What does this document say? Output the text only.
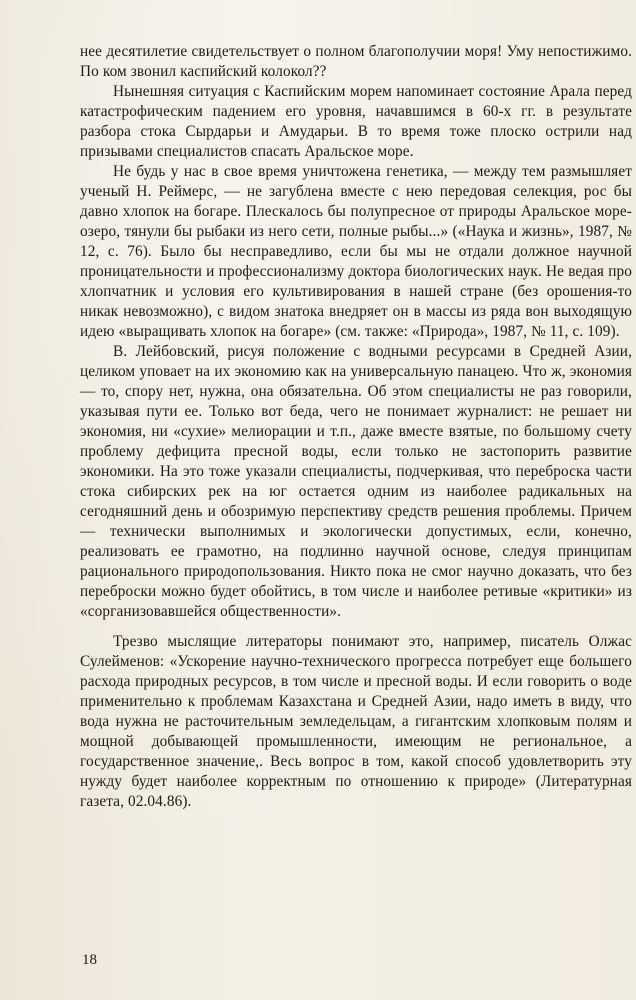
нее десятилетие свидетельствует о полном благополучии моря! Уму непостижимо. По ком звонил каспийский колокол??

Нынешняя ситуация с Каспийским морем напоминает состояние Арала перед катастрофическим падением его уровня, начавшимся в 60-х гг. в результате разбора стока Сырдарьи и Амударьи. В то время тоже плоско острили над призывами специалистов спасать Аральское море.

Не будь у нас в свое время уничтожена генетика, — между тем размышляет ученый Н. Реймерс, — не загублена вместе с нею передовая селекция, рос бы давно хлопок на богаре. Плескалось бы полупресное от природы Аральское море-озеро, тянули бы рыбаки из него сети, полные рыбы...» («Наука и жизнь», 1987, № 12, с. 76). Было бы несправедливо, если бы мы не отдали должное научной проницательности и профессионализму доктора биологических наук. Не ведая про хлопчатник и условия его культивирования в нашей стране (без орошения-то никак невозможно), с видом знатока внедряет он в массы из ряда вон выходящую идею «выращивать хлопок на богаре» (см. также: «Природа», 1987, № 11, с. 109).

В. Лейбовский, рисуя положение с водными ресурсами в Средней Азии, целиком уповает на их экономию как на универсальную панацею. Что ж, экономия — то, спору нет, нужна, она обязательна. Об этом специалисты не раз говорили, указывая пути ее. Только вот беда, чего не понимает журналист: не решает ни экономия, ни «сухие» мелиорации и т.п., даже вместе взятые, по большому счету проблему дефицита пресной воды, если только не застопорить развитие экономики. На это тоже указали специалисты, подчеркивая, что переброска части стока сибирских рек на юг остается одним из наиболее радикальных на сегодняшний день и обозримую перспективу средств решения проблемы. Причем — технически выполнимых и экологически допустимых, если, конечно, реализовать ее грамотно, на подлинно научной основе, следуя принципам рационального природопользования. Никто пока не смог научно доказать, что без переброски можно будет обойтись, в том числе и наиболее ретивые «критики» из «сорганизовавшейся общественности».

Трезво мыслящие литераторы понимают это, например, писатель Олжас Сулейменов: «Ускорение научно-технического прогресса потребует еще большего расхода природных ресурсов, в том числе и пресной воды. И если говорить о воде применительно к проблемам Казахстана и Средней Азии, надо иметь в виду, что вода нужна не расточительным земледельцам, а гигантским хлопковым полям и мощной добывающей промышленности, имеющим не региональное, а государственное значение,. Весь вопрос в том, какой способ удовлетворить эту нужду будет наиболее корректным по отношению к природе» (Литературная газета, 02.04.86).

18
